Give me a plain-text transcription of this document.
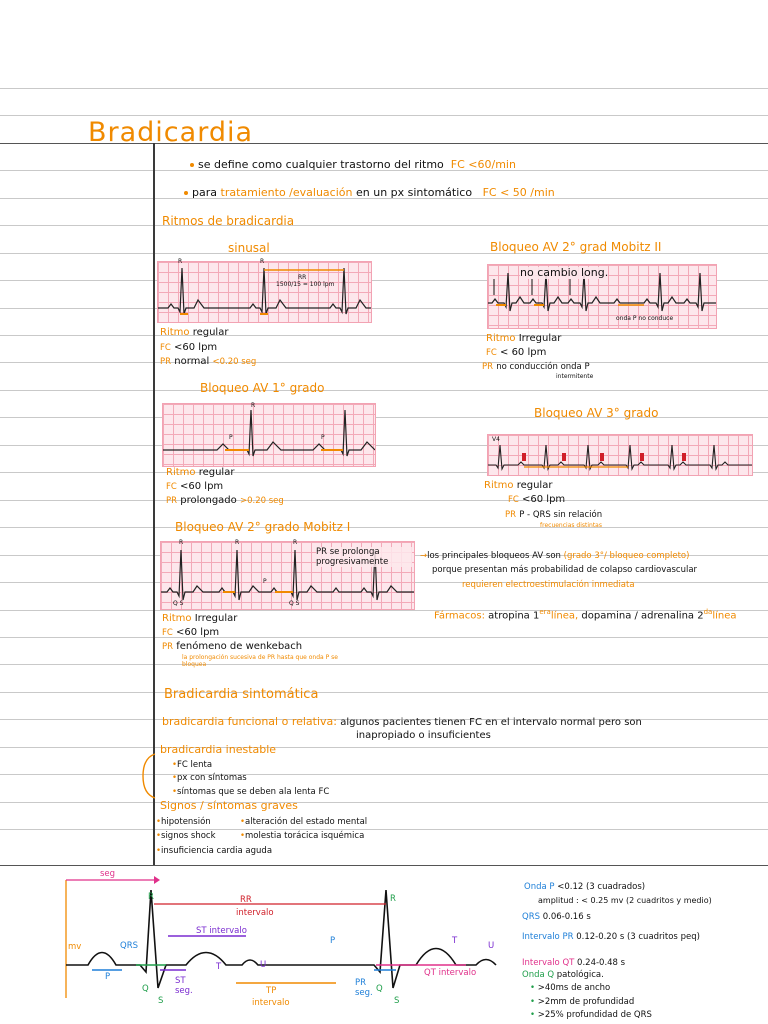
Bradicardia
se define como cualquier trastorno del ritmo FC <60/min
para tratamiento /evaluación en un px sintomático FC < 50 /min
Ritmos de bradicardia
sinusal
R	R
RR
1500/15 = 100 lpm
Ritmo regular
FC <60 lpm
PR normal <0.20 seg
Bloqueo AV 1° grado
R
P	P
Ritmo regular
FC <60 lpm
PR prolongado >0.20 seg
Bloqueo AV 2° grado Mobitz I
R	R	R
P
Q S	Q S
PR se prolonga progresivamente
Ritmo Irregular
FC <60 lpm
PR fenómeno de wenkebach
la prolongación sucesiva de PR hasta que onda P se bloquea
Bloqueo AV 2° grad Mobitz II
no cambio long.
onda P no conduce
Ritmo Irregular
FC < 60 lpm
PR no conducción onda P
intermitente
Bloqueo AV 3° grado
V4
Ritmo regular
FC <60 lpm
PR P - QRS sin relación
frecuencias distintas
→los principales bloqueos AV son (grado 3°/ bloqueo completo)
porque presentan más probabilidad de colapso cardiovascular
requieren electroestimulación inmediata
Fármacos: atropina $1^{era}línea$, dopamina / adrenalina $2^{da}línea$
Bradicardia sintomática
bradicardia funcional o relativa: algunos pacientes tienen FC en el intervalo normal pero son
inapropiado o insuficientes
bradicardia inestable
•FC lenta
•px con síntomas
•síntomas que se deben ala lenta FC
Signos / síntomas graves
•hipotensión	•alteración del estado mental
•signos shock	•molestia torácica isquémica
•insuficiencia cardia aguda
seg
mv
RR
intervalo
ST intervalo
QRS
R	R
P
P
Q
S
Q
S
T
T
U
U
ST seg.	TP
intervalo
PR seg.
QT intervalo
Onda P <0.12 (3 cuadrados)
amplitud : < 0.25 mv (2 cuadritos y medio)
QRS 0.06-0.16 s
Intervalo PR 0.12-0.20 s (3 cuadritos peq)
Intervalo QT 0.24-0.48 s
Onda Q patológica.
• >40ms de ancho
• >2mm de profundidad
• >25% profundidad de QRS
